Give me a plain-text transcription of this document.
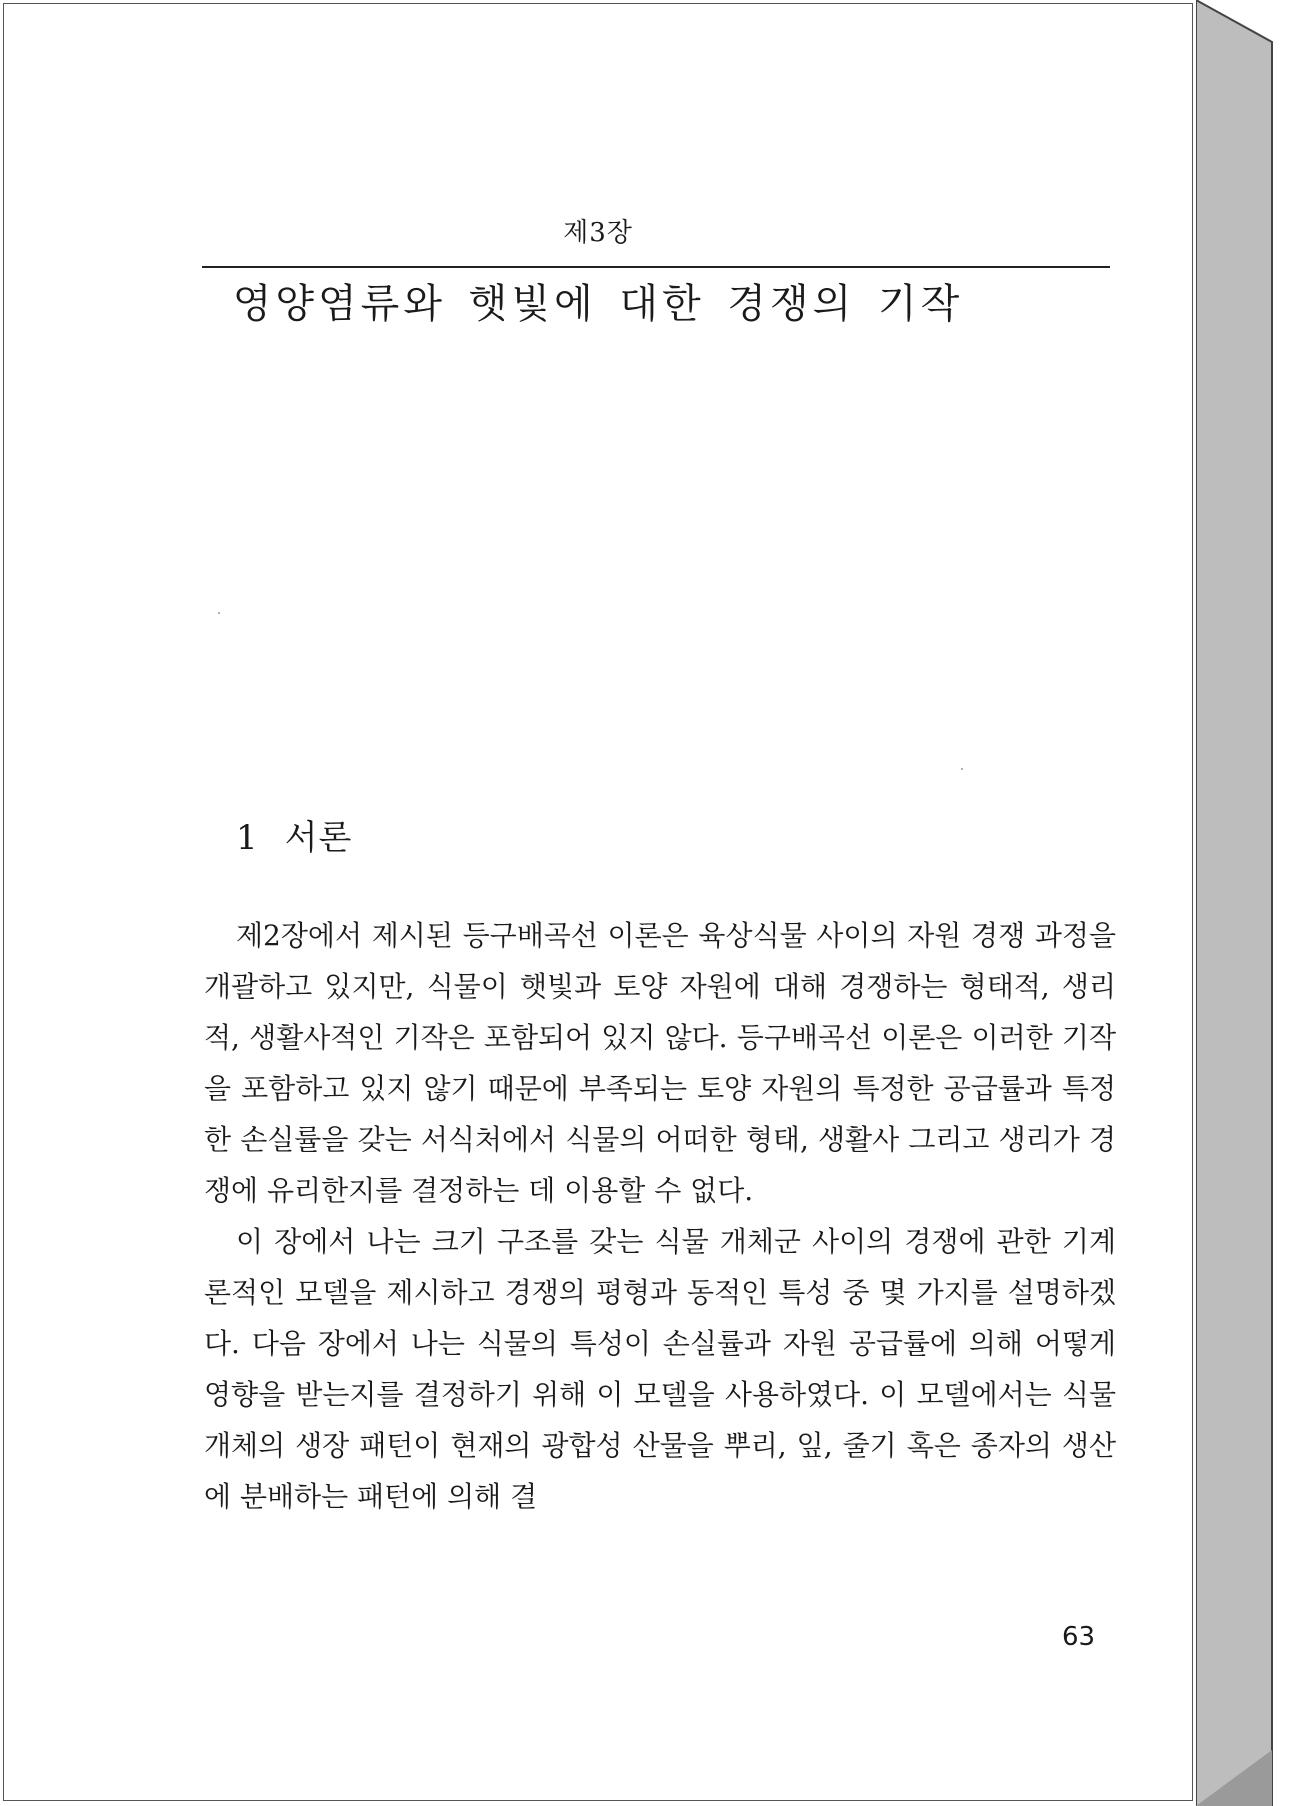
제3장
영양염류와 햇빛에 대한 경쟁의 기작
1 서론

제2장에서 제시된 등구배곡선 이론은 육상식물 사이의 자원 경쟁 과정을 개괄하고 있지만, 식물이 햇빛과 토양 자원에 대해 경쟁하는 형태적, 생리적, 생활사적인 기작은 포함되어 있지 않다. 등구배곡선 이론은 이러한 기작을 포함하고 있지 않기 때문에 부족되는 토양 자원의 특정한 공급률과 특정한 손실률을 갖는 서식처에서 식물의 어떠한 형태, 생활사 그리고 생리가 경쟁에 유리한지를 결정하는 데 이용할 수 없다.

이 장에서 나는 크기 구조를 갖는 식물 개체군 사이의 경쟁에 관한 기계론적인 모델을 제시하고 경쟁의 평형과 동적인 특성 중 몇 가지를 설명하겠다. 다음 장에서 나는 식물의 특성이 손실률과 자원 공급률에 의해 어떻게 영향을 받는지를 결정하기 위해 이 모델을 사용하였다. 이 모델에서는 식물 개체의 생장 패턴이 현재의 광합성 산물을 뿌리, 잎, 줄기 혹은 종자의 생산에 분배하는 패턴에 의해 결

63
